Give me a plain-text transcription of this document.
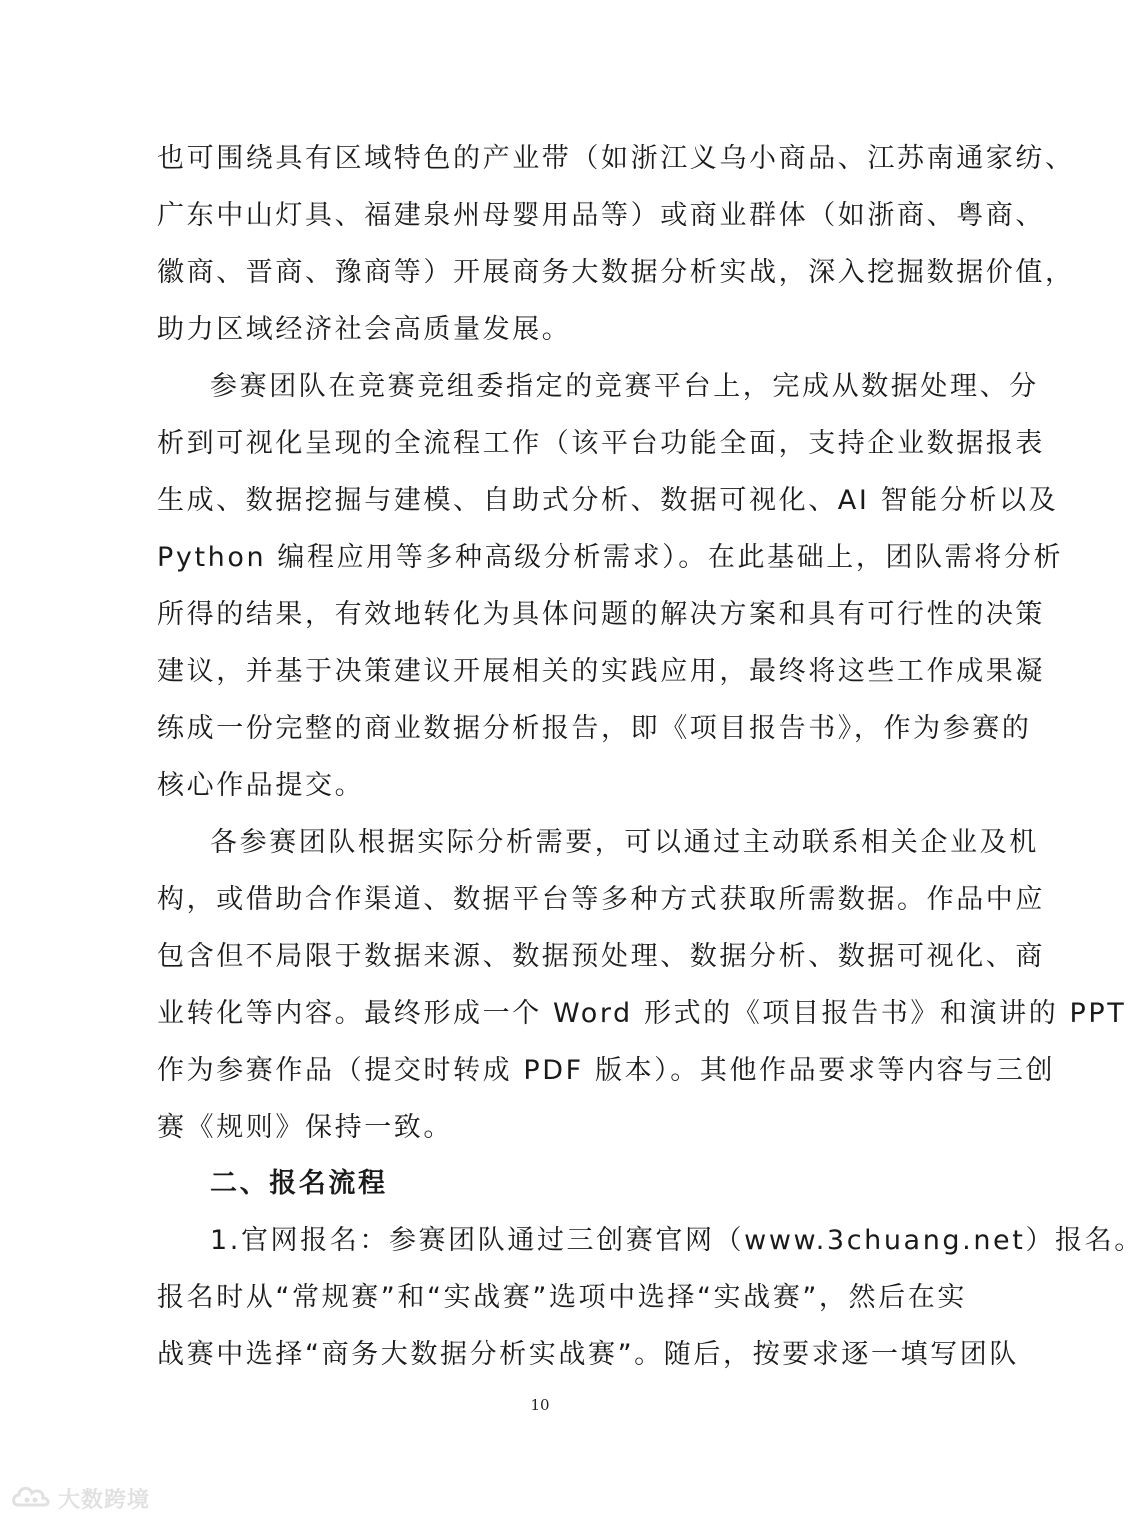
也可围绕具有区域特色的产业带（如浙江义乌小商品、江苏南通家纺、
广东中山灯具、福建泉州母婴用品等）或商业群体（如浙商、粤商、
徽商、晋商、豫商等）开展商务大数据分析实战，深入挖掘数据价值，
助力区域经济社会高质量发展。
参赛团队在竞赛竞组委指定的竞赛平台上，完成从数据处理、分
析到可视化呈现的全流程工作（该平台功能全面，支持企业数据报表
生成、数据挖掘与建模、自助式分析、数据可视化、AI 智能分析以及
Python 编程应用等多种高级分析需求）。在此基础上，团队需将分析
所得的结果，有效地转化为具体问题的解决方案和具有可行性的决策
建议，并基于决策建议开展相关的实践应用，最终将这些工作成果凝
练成一份完整的商业数据分析报告，即《项目报告书》，作为参赛的
核心作品提交。
各参赛团队根据实际分析需要，可以通过主动联系相关企业及机
构，或借助合作渠道、数据平台等多种方式获取所需数据。作品中应
包含但不局限于数据来源、数据预处理、数据分析、数据可视化、商
业转化等内容。最终形成一个 Word 形式的《项目报告书》和演讲的 PPT
作为参赛作品（提交时转成 PDF 版本）。其他作品要求等内容与三创
赛《规则》保持一致。
二、报名流程
1.官网报名：参赛团队通过三创赛官网（www.3chuang.net）报名。
报名时从“常规赛”和“实战赛”选项中选择“实战赛”，然后在实
战赛中选择“商务大数据分析实战赛”。随后，按要求逐一填写团队
10
大数跨境
